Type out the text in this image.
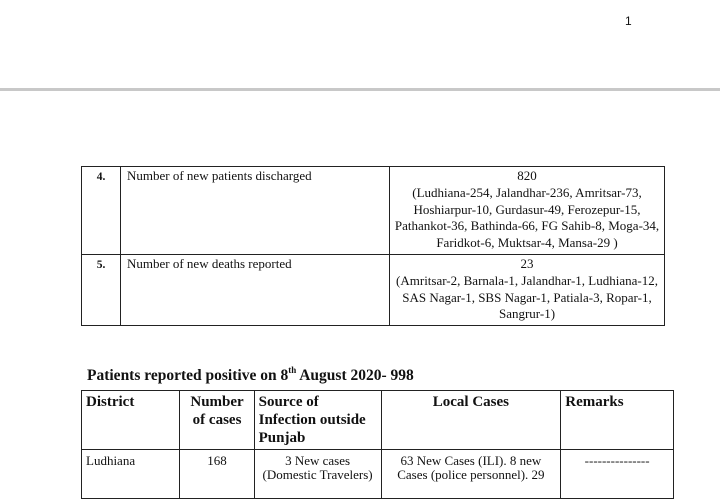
1
4.	Number of new patients discharged	820
(Ludhiana-254, Jalandhar-236, Amritsar-73, Hoshiarpur-10, Gurdasur-49, Ferozepur-15, Pathankot-36, Bathinda-66, FG Sahib-8, Moga-34, Faridkot-6, Muktsar-4, Mansa-29 )

5.	Number of new deaths reported	23
(Amritsar-2, Barnala-1, Jalandhar-1, Ludhiana-12, SAS Nagar-1, SBS Nagar-1, Patiala-3, Ropar-1, Sangrur-1)
Patients reported positive on 8th August 2020- 998
District	Number of cases	Source of Infection outside Punjab	Local Cases	Remarks
Ludhiana	168	3 New cases (Domestic Travelers)	63 New Cases (ILI). 8 new Cases (police personnel). 29	---------------
